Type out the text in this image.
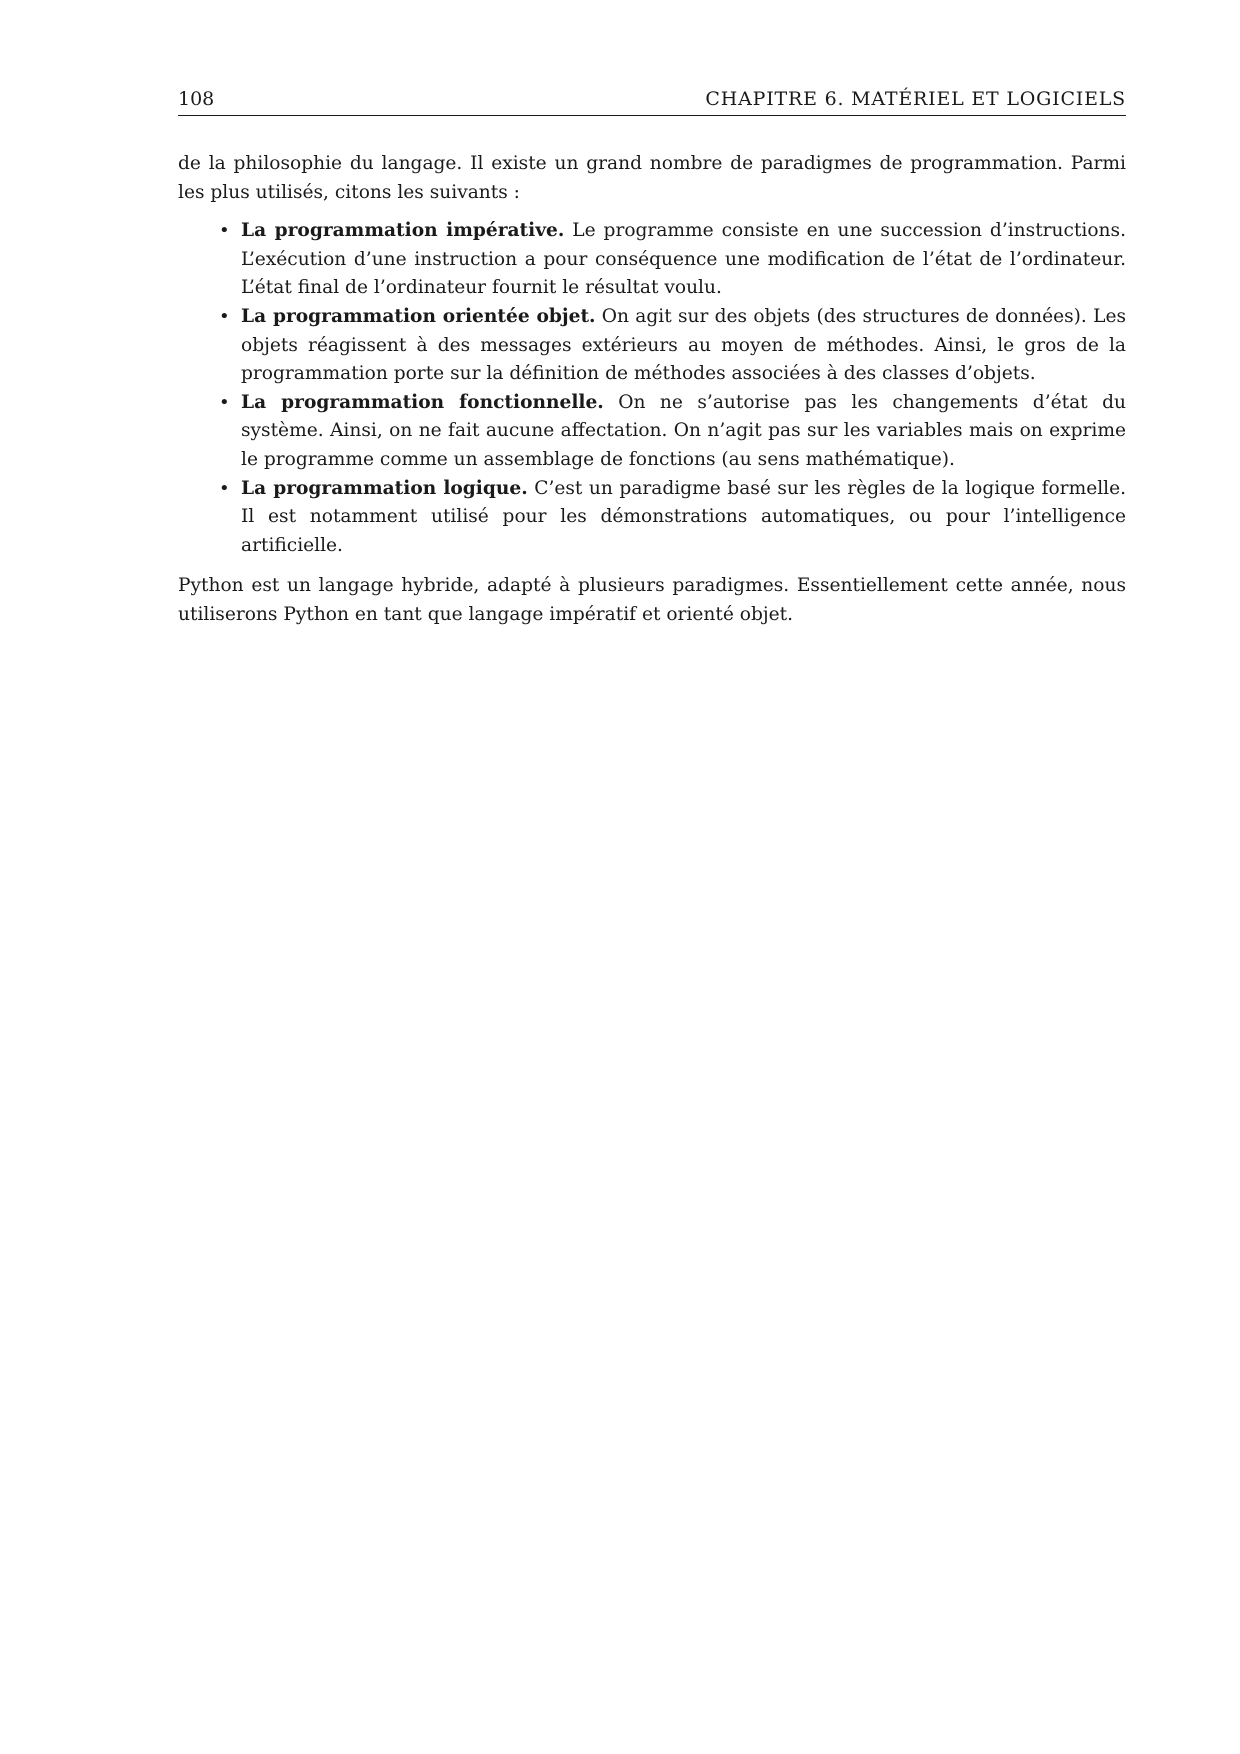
108	CHAPITRE 6. MATÉRIEL ET LOGICIELS

de la philosophie du langage. Il existe un grand nombre de paradigmes de programmation. Parmi les plus utilisés, citons les suivants :

• La programmation impérative. Le programme consiste en une succession d’instructions. L’exécution d’une instruction a pour conséquence une modification de l’état de l’ordinateur. L’état final de l’ordinateur fournit le résultat voulu.
• La programmation orientée objet. On agit sur des objets (des structures de données). Les objets réagissent à des messages extérieurs au moyen de méthodes. Ainsi, le gros de la programmation porte sur la définition de méthodes associées à des classes d’objets.
• La programmation fonctionnelle. On ne s’autorise pas les changements d’état du système. Ainsi, on ne fait aucune affectation. On n’agit pas sur les variables mais on exprime le programme comme un assemblage de fonctions (au sens mathématique).
• La programmation logique. C’est un paradigme basé sur les règles de la logique formelle. Il est notamment utilisé pour les démonstrations automatiques, ou pour l’intelligence artificielle.

Python est un langage hybride, adapté à plusieurs paradigmes. Essentiellement cette année, nous utiliserons Python en tant que langage impératif et orienté objet.
